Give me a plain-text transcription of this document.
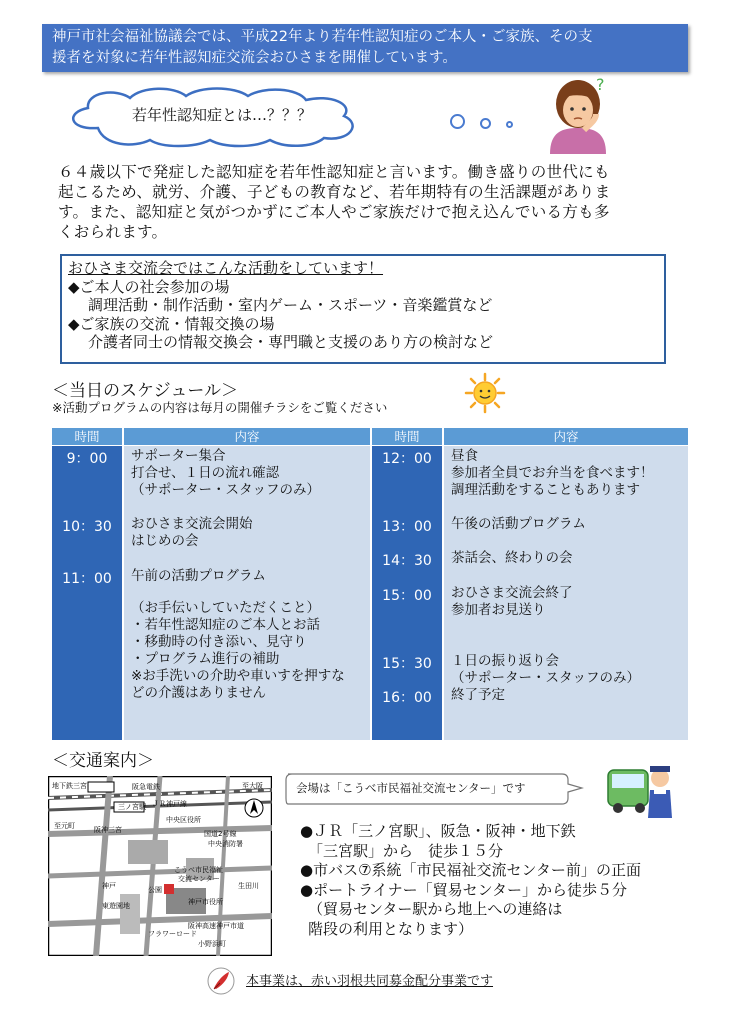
神戸市社会福祉協議会では、平成22年より若年性認知症のご本人・ご家族、その支
援者を対象に若年性認知症交流会おひさまを開催しています。
若年性認知症とは…？？？
?
６４歳以下で発症した認知症を若年性認知症と言います。働き盛りの世代にも
起こるため、就労、介護、子どもの教育など、若年期特有の生活課題がありま
す。また、認知症と気がつかずにご本人やご家族だけで抱え込んでいる方も多
くおられます。
おひさま交流会ではこんな活動をしています！
◆ご本人の社会参加の場
調理活動・制作活動・室内ゲーム・スポーツ・音楽鑑賞など
◆ご家族の交流・情報交換の場
介護者同士の情報交換会・専門職と支援のあり方の検討など
＜当日のスケジュール＞
※活動プログラムの内容は毎月の開催チラシをご覧ください
時間
9：00
10：30
11：00
内容
サポーター集合
打合せ、１日の流れ確認
（サポーター・スタッフのみ）
おひさま交流会開始
はじめの会
午前の活動プログラム
（お手伝いしていただくこと）
・若年性認知症のご本人とお話
・移動時の付き添い、見守り
・プログラム進行の補助
※お手洗いの介助や車いすを押すな
どの介護はありません
時間
12：00
13：00
14：30
15：00
15：30
16：00
内容
昼食
参加者全員でお弁当を食べます！
調理活動をすることもあります
午後の活動プログラム
茶話会、終わりの会
おひさま交流会終了
参加者お見送り
１日の振り返り会
（サポーター・スタッフのみ）
終了予定
＜交通案内＞
地下鉄三宮	阪急電鉄
三ノ宮駅 ＪＲ神戸線
至大阪
至元町	阪神三宮
中央区役所
国道2号線
中央消防署
こうべ市民福祉
交流センター
神戸市役所
公園
神戸
東遊園地
フラワーロード
阪神高速神戸市道
生田川
小野浜町
会場は「こうべ市民福祉交流センター」です
●ＪＲ「三ノ宮駅」、阪急・阪神・地下鉄
「三宮駅」から　徒歩１５分
●市バス⑦系統「市民福祉交流センター前」の正面
●ポートライナー「貿易センター」から徒歩５分
（貿易センター駅から地上への連絡は
階段の利用となります）
本事業は、赤い羽根共同募金配分事業です
